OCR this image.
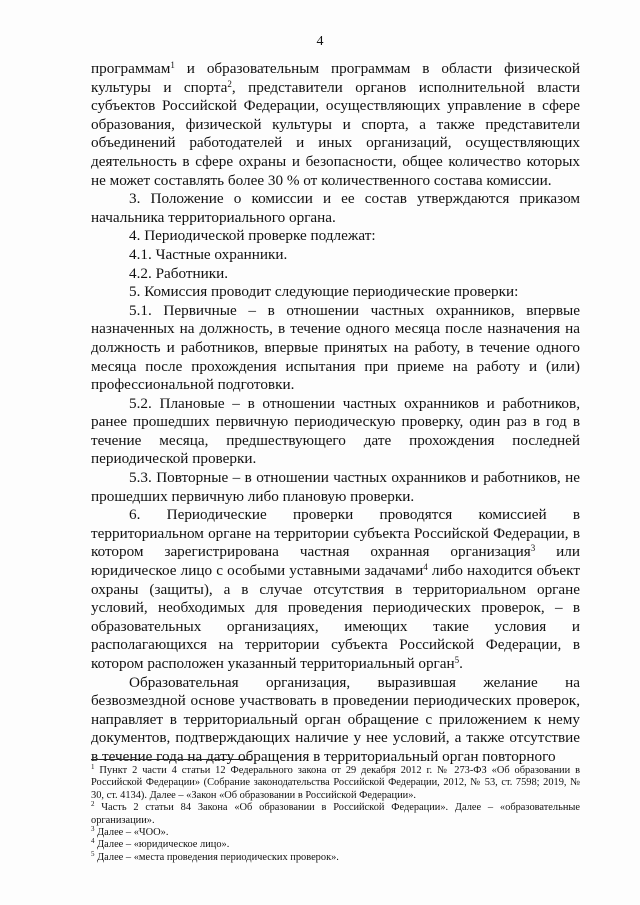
4

программам$^1$ и образовательным программам в области физической культуры и спорта$^2$, представители органов исполнительной власти субъектов Российской Федерации, осуществляющих управление в сфере образования, физической культуры и спорта, а также представители объединений работодателей и иных организаций, осуществляющих деятельность в сфере охраны и безопасности, общее количество которых не может составлять более 30 % от количественного состава комиссии.

3. Положение о комиссии и ее состав утверждаются приказом начальника территориального органа.

4. Периодической проверке подлежат:

4.1. Частные охранники.

4.2. Работники.

5. Комиссия проводит следующие периодические проверки:

5.1. Первичные – в отношении частных охранников, впервые назначенных на должность, в течение одного месяца после назначения на должность и работников, впервые принятых на работу, в течение одного месяца после прохождения испытания при приеме на работу и (или) профессиональной подготовки.

5.2. Плановые – в отношении частных охранников и работников, ранее прошедших первичную периодическую проверку, один раз в год в течение месяца, предшествующего дате прохождения последней периодической проверки.

5.3. Повторные – в отношении частных охранников и работников, не прошедших первичную либо плановую проверки.

6. Периодические проверки проводятся комиссией в территориальном органе на территории субъекта Российской Федерации, в котором зарегистрирована частная охранная организация$^3$ или юридическое лицо с особыми уставными задачами$^4$ либо находится объект охраны (защиты), а в случае отсутствия в территориальном органе условий, необходимых для проведения периодических проверок, – в образовательных организациях, имеющих такие условия и располагающихся на территории субъекта Российской Федерации, в котором расположен указанный территориальный орган$^5$.

Образовательная организация, выразившая желание на безвозмездной основе участвовать в проведении периодических проверок, направляет в территориальный орган обращение с приложением к нему документов, подтверждающих наличие у нее условий, а также отсутствие в течение года на дату обращения в территориальный орган повторного

$^1$ Пункт 2 части 4 статьи 12 Федерального закона от 29 декабря 2012 г. № 273-ФЗ «Об образовании в Российской Федерации» (Собрание законодательства Российской Федерации, 2012, № 53, ст. 7598; 2019, № 30, ст. 4134). Далее – «Закон «Об образовании в Российской Федерации».

$^2$ Часть 2 статьи 84 Закона «Об образовании в Российской Федерации». Далее – «образовательные организации».

$^3$ Далее – «ЧОО».

$^4$ Далее – «юридическое лицо».

$^5$ Далее – «места проведения периодических проверок».
